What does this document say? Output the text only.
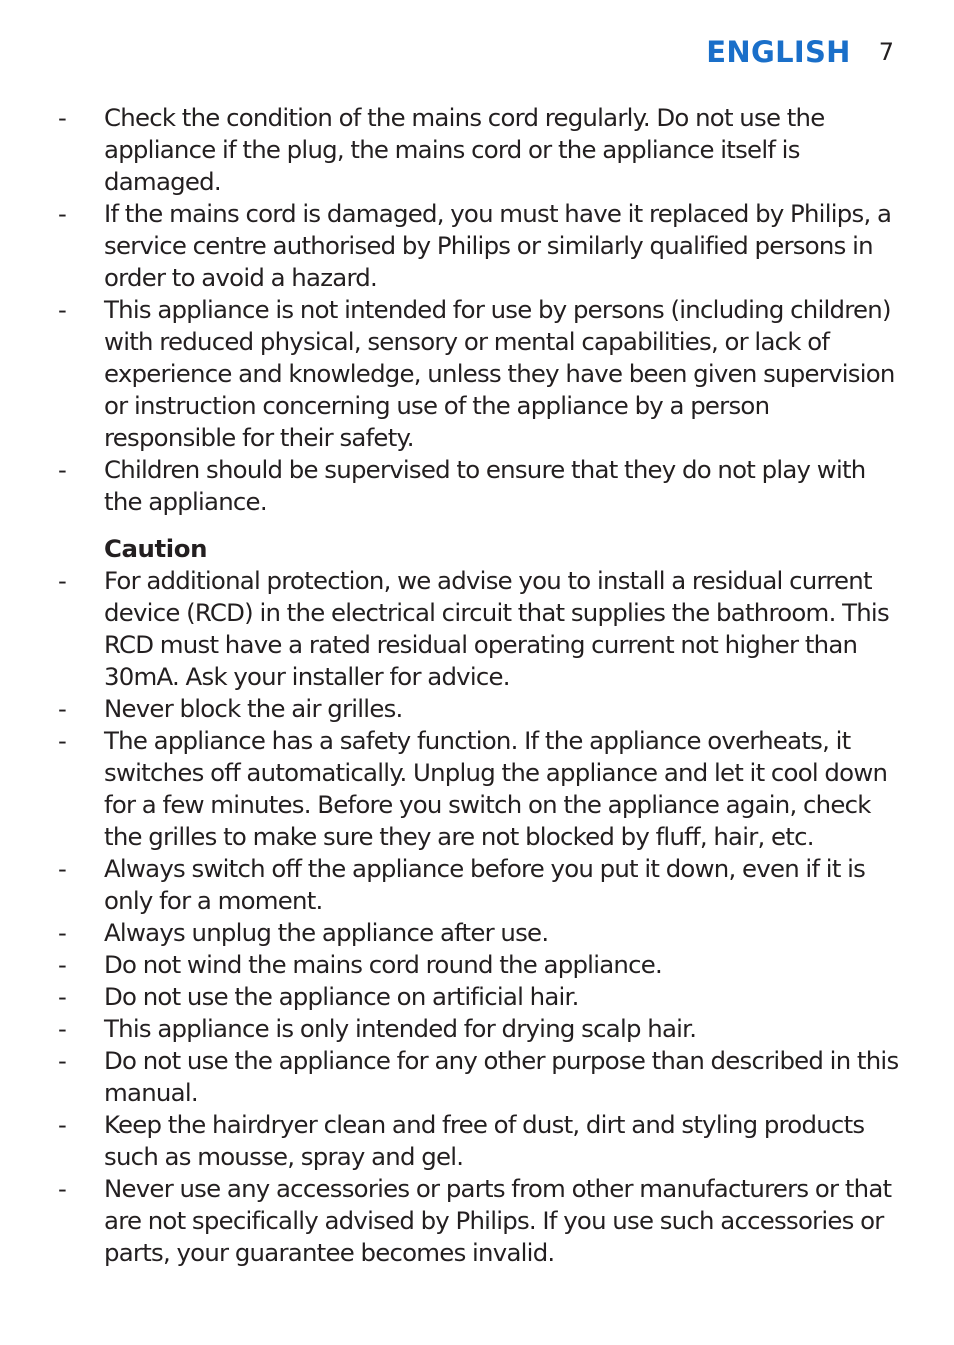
ENGLISH 7
- Check the condition of the mains cord regularly. Do not use the appliance if the plug, the mains cord or the appliance itself is damaged.
- If the mains cord is damaged, you must have it replaced by Philips, a service centre authorised by Philips or similarly qualified persons in order to avoid a hazard.
- This appliance is not intended for use by persons (including children) with reduced physical, sensory or mental capabilities, or lack of experience and knowledge, unless they have been given supervision or instruction concerning use of the appliance by a person responsible for their safety.
- Children should be supervised to ensure that they do not play with the appliance.
Caution
- For additional protection, we advise you to install a residual current device (RCD) in the electrical circuit that supplies the bathroom. This RCD must have a rated residual operating current not higher than 30mA. Ask your installer for advice.
- Never block the air grilles.
- The appliance has a safety function. If the appliance overheats, it switches off automatically. Unplug the appliance and let it cool down for a few minutes. Before you switch on the appliance again, check the grilles to make sure they are not blocked by fluff, hair, etc.
- Always switch off the appliance before you put it down, even if it is only for a moment.
- Always unplug the appliance after use.
- Do not wind the mains cord round the appliance.
- Do not use the appliance on artificial hair.
- This appliance is only intended for drying scalp hair.
- Do not use the appliance for any other purpose than described in this manual.
- Keep the hairdryer clean and free of dust, dirt and styling products such as mousse, spray and gel.
- Never use any accessories or parts from other manufacturers or that are not specifically advised by Philips. If you use such accessories or parts, your guarantee becomes invalid.
